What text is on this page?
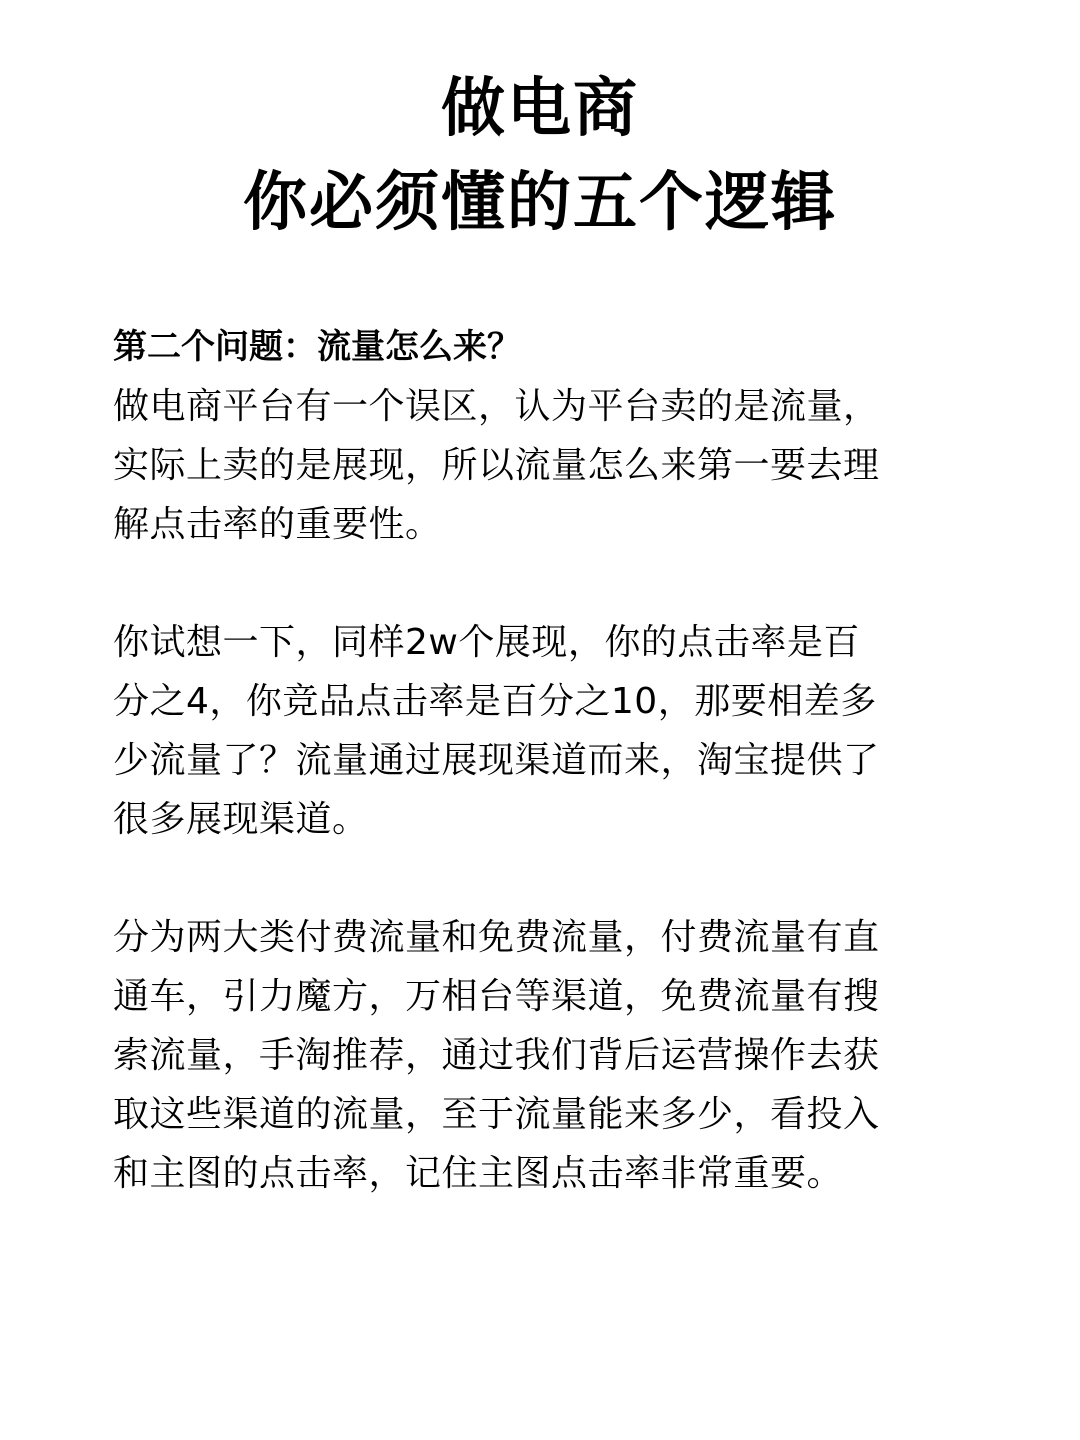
做电商
你必须懂的五个逻辑
第二个问题：流量怎么来？
做电商平台有一个误区，认为平台卖的是流量，
实际上卖的是展现，所以流量怎么来第一要去理
解点击率的重要性。
你试想一下，同样2w个展现，你的点击率是百
分之4，你竞品点击率是百分之10，那要相差多
少流量了？流量通过展现渠道而来，淘宝提供了
很多展现渠道。
分为两大类付费流量和免费流量，付费流量有直
通车，引力魔方，万相台等渠道，免费流量有搜
索流量，手淘推荐，通过我们背后运营操作去获
取这些渠道的流量，至于流量能来多少，看投入
和主图的点击率，记住主图点击率非常重要。
